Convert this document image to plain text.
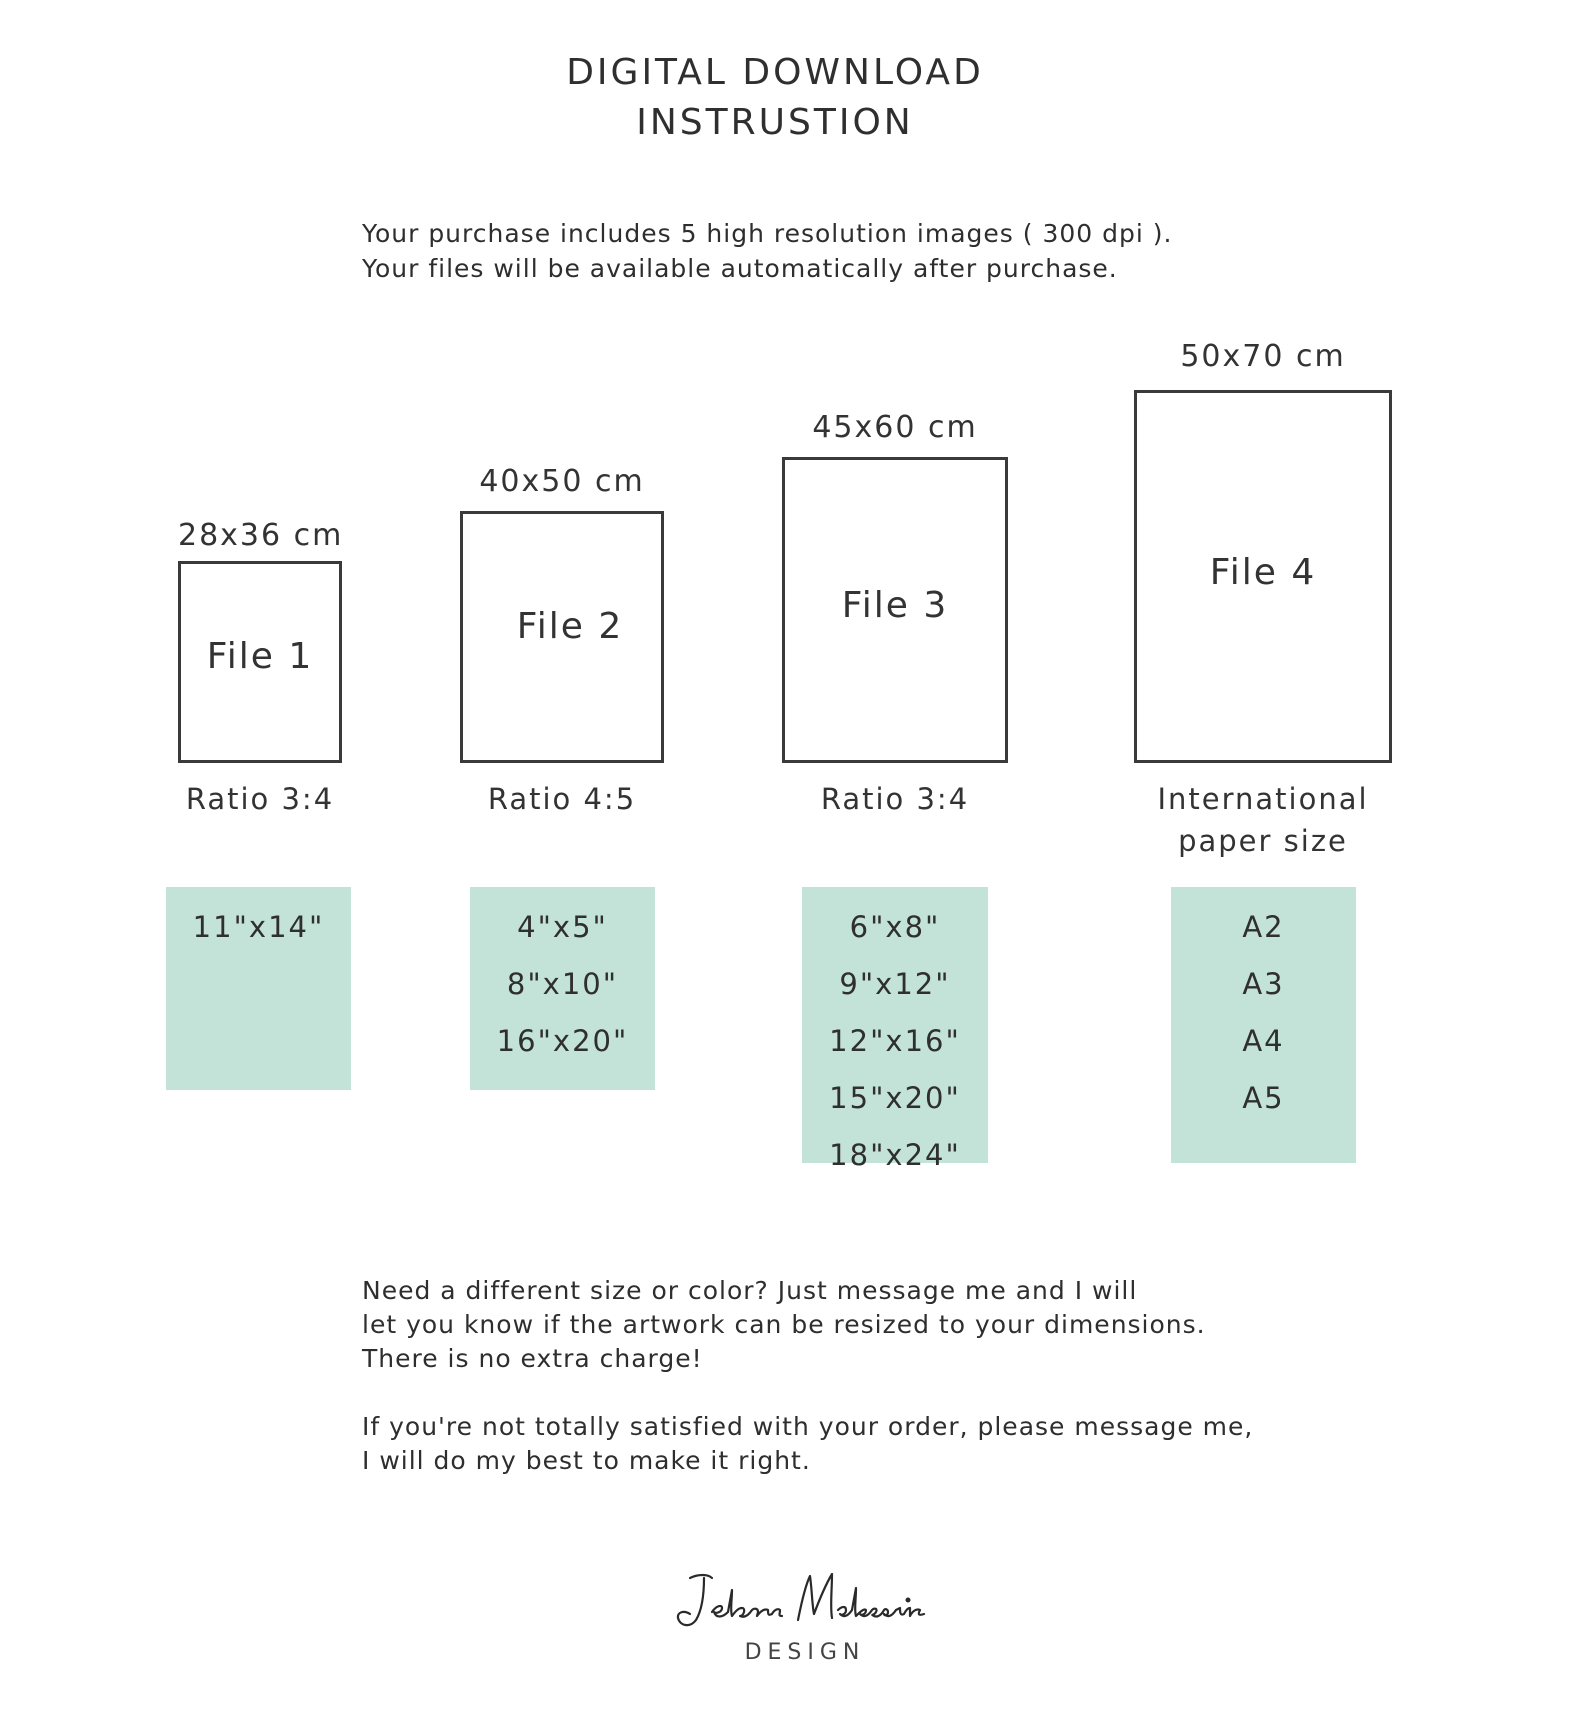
DIGITAL DOWNLOAD
INSTRUSTION
Your purchase includes 5 high resolution images ( 300 dpi ).
Your files will be available automatically after purchase.
28x36 cm
File 1
Ratio 3:4
11"x14"
40x50 cm
File 2
Ratio 4:5
4"x5"
8"x10"
16"x20"
45x60 cm
File 3
Ratio 3:4
6"x8"
9"x12"
12"x16"
15"x20"
18"x24"
50x70 cm
File 4
International
paper size
A2
A3
A4
A5
Need a different size or color? Just message me and I will
let you know if the artwork can be resized to your dimensions.
There is no extra charge!
If you're not totally satisfied with your order, please message me,
I will do my best to make it right.
DESIGN
